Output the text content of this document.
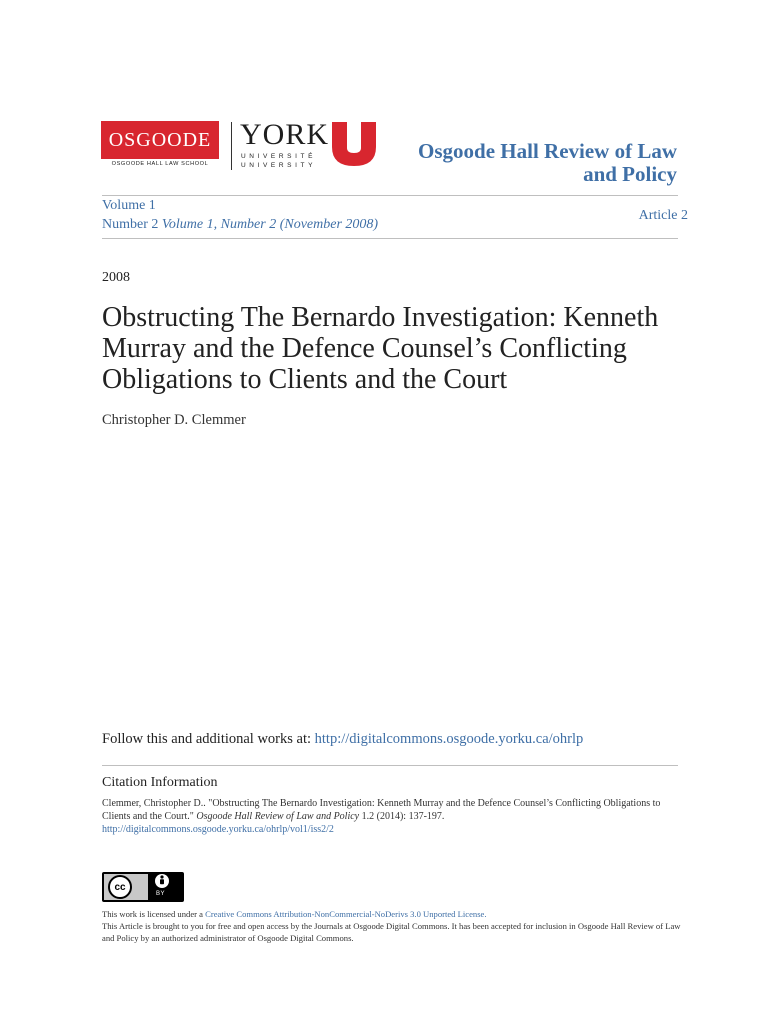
OSGOODE
OSGOODE HALL LAW SCHOOL
YORK
UNIVERSITÉ
UNIVERSITY
Osgoode Hall Review of Law
and Policy
Volume 1
Number 2 Volume 1, Number 2 (November 2008)
Article 2
2008
Obstructing The Bernardo Investigation: Kenneth
Murray and the Defence Counsel’s Conflicting
Obligations to Clients and the Court
Christopher D. Clemmer
Follow this and additional works at: http://digitalcommons.osgoode.yorku.ca/ohrlp
Citation Information
Clemmer, Christopher D.. "Obstructing The Bernardo Investigation: Kenneth Murray and the Defence Counsel’s Conflicting Obligations to Clients and the Court." Osgoode Hall Review of Law and Policy 1.2 (2014): 137-197.
http://digitalcommons.osgoode.yorku.ca/ohrlp/vol1/iss2/2
cc
BY
This work is licensed under a Creative Commons Attribution-NonCommercial-NoDerivs 3.0 Unported License.
This Article is brought to you for free and open access by the Journals at Osgoode Digital Commons. It has been accepted for inclusion in Osgoode Hall Review of Law and Policy by an authorized administrator of Osgoode Digital Commons.
